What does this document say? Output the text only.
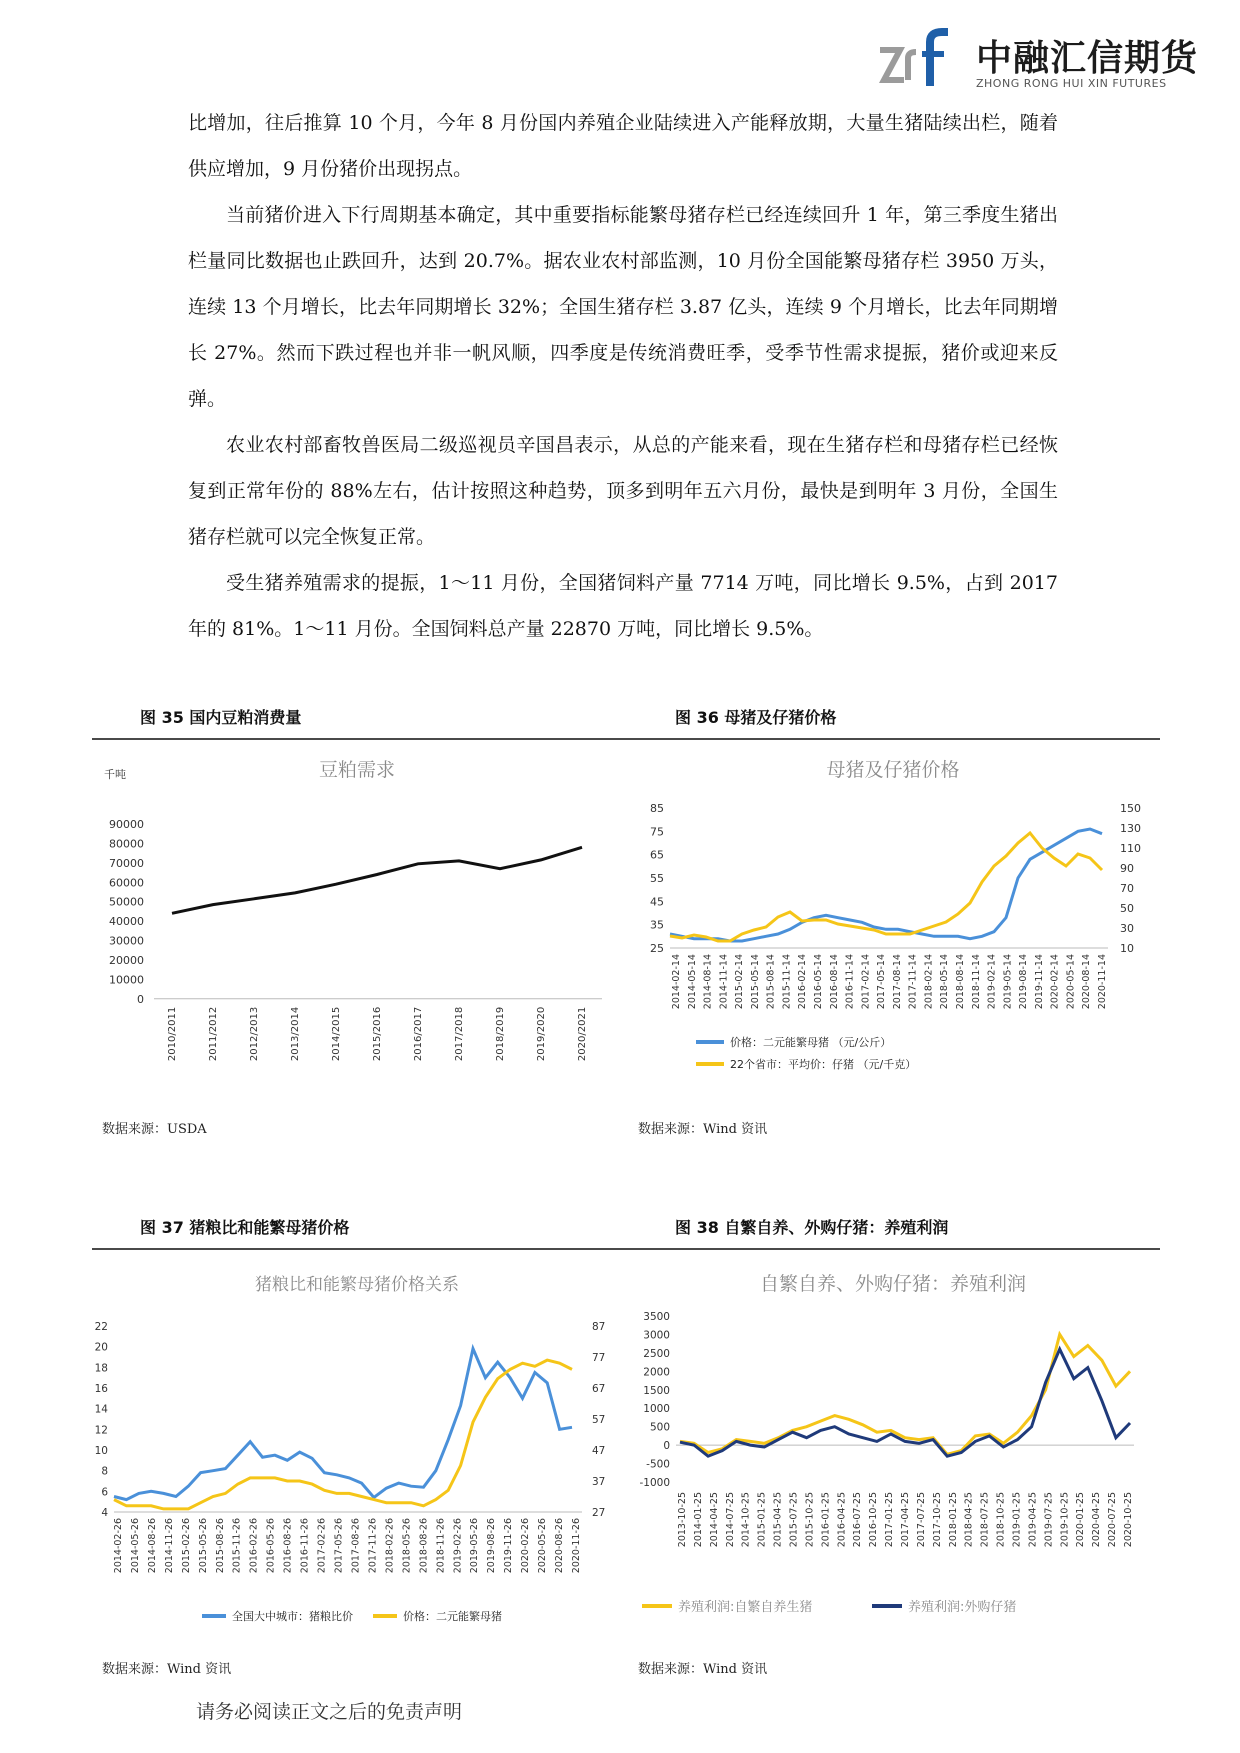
中融汇信期货
ZHONG RONG HUI XIN FUTURES

比增加，往后推算 10 个月，今年 8 月份国内养殖企业陆续进入产能释放期，大量生猪陆续出栏，随着供应增加，9 月份猪价出现拐点。

当前猪价进入下行周期基本确定，其中重要指标能繁母猪存栏已经连续回升 1 年，第三季度生猪出栏量同比数据也止跌回升，达到 20.7%。据农业农村部监测，10 月份全国能繁母猪存栏 3950 万头，连续 13 个月增长，比去年同期增长 32%；全国生猪存栏 3.87 亿头，连续 9 个月增长，比去年同期增长 27%。然而下跌过程也并非一帆风顺，四季度是传统消费旺季，受季节性需求提振，猪价或迎来反弹。

农业农村部畜牧兽医局二级巡视员辛国昌表示，从总的产能来看，现在生猪存栏和母猪存栏已经恢复到正常年份的 88%左右，估计按照这种趋势，顶多到明年五六月份，最快是到明年 3 月份，全国生猪存栏就可以完全恢复正常。

受生猪养殖需求的提振，1～11 月份，全国猪饲料产量 7714 万吨，同比增长 9.5%，占到 2017 年的 81%。1～11 月份。全国饲料总产量 22870 万吨，同比增长 9.5%。

图 35 国内豆粕消费量	图 36 母猪及仔猪价格
豆粕需求
千吨
0
10000
20000
30000
40000
50000
60000
70000
80000
90000
2010/2011	2011/2012	2012/2013	2013/2014	2014/2015	2015/2016	2016/2017	2017/2018	2018/2019	2019/2020	2020/2021
母猪及仔猪价格
25
35
45
55
65
75
85
10
30
50
70
90
110
130
150
2014-02-14 2014-05-14 2014-08-14 2014-11-14 2015-02-14 2015-05-14 2015-08-14 2015-11-14 2016-02-14 2016-05-14 2016-08-14 2016-11-14 2017-02-14 2017-05-14 2017-08-14 2017-11-14 2018-02-14 2018-05-14 2018-08-14 2018-11-14 2019-02-14 2019-05-14 2019-08-14 2019-11-14 2020-02-14 2020-05-14 2020-08-14 2020-11-14
价格：二元能繁母猪 （元/公斤）
22个省市：平均价：仔猪 （元/千克）
数据来源：USDA	数据来源：Wind 资讯
图 37 猪粮比和能繁母猪价格	图 38 自繁自养、外购仔猪：养殖利润
猪粮比和能繁母猪价格关系
4
6
8
10
12
14
16
18
20
22
27
37
47
57
67
77
87
2014-02-26 2014-05-26 2014-08-26 2014-11-26 2015-02-26 2015-05-26 2015-08-26 2015-11-26 2016-02-26 2016-05-26 2016-08-26 2016-11-26 2017-02-26 2017-05-26 2017-08-26 2017-11-26 2018-02-26 2018-05-26 2018-08-26 2018-11-26 2019-02-26 2019-05-26 2019-08-26 2019-11-26 2020-02-26 2020-05-26 2020-08-26 2020-11-26
全国大中城市：猪粮比价	价格：二元能繁母猪
自繁自养、外购仔猪：养殖利润
-1000
-500
0
500
1000
1500
2000
2500
3000
3500
2013-10-25 2014-01-25 2014-04-25 2014-07-25 2014-10-25 2015-01-25 2015-04-25 2015-07-25 2015-10-25 2016-01-25 2016-04-25 2016-07-25 2016-10-25 2017-01-25 2017-04-25 2017-07-25 2017-10-25 2018-01-25 2018-04-25 2018-07-25 2018-10-25 2019-01-25 2019-04-25 2019-07-25 2019-10-25 2020-01-25 2020-04-25 2020-07-25 2020-10-25
养殖利润:自繁自养生猪	养殖利润:外购仔猪
数据来源：Wind 资讯	数据来源：Wind 资讯
请务必阅读正文之后的免责声明
